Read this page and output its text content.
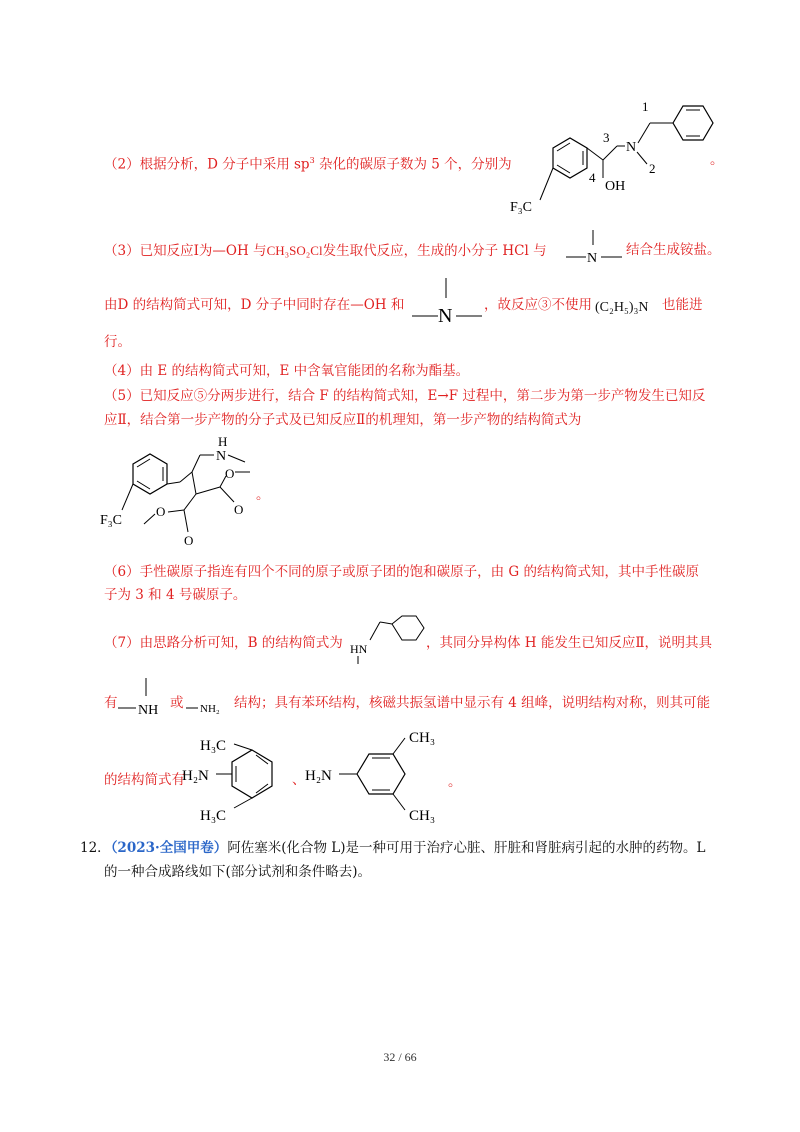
（2）根据分析，D 分子中采用 $sp^3$ 杂化的碳原子数为 5 个，分别为
F₃C
OH
4
3
N
1
2
。
（3）已知反应Ⅰ为—OH 与CH₃SO₂Cl发生取代反应，生成的小分子 HCl 与	N
结合生成铵盐。
由D 的结构简式可知，D 分子中同时存在—OH 和 N ，故反应③不使用 (C₂H₅)₃N 也能进
行。
（4）由 E 的结构简式可知，E 中含氧官能团的名称为酯基。
（5）已知反应⑤分两步进行，结合 F 的结构简式知，E→F 过程中，第二步为第一步产物发生已知反
应Ⅱ，结合第一步产物的分子式及已知反应Ⅱ的机理知，第一步产物的结构简式为
H
N
F₃C
O
O
O
O
。
（6）手性碳原子指连有四个不同的原子或原子团的饱和碳原子，由 G 的结构简式知，其中手性碳原
子为 3 和 4 号碳原子。
（7）由思路分析可知，B 的结构简式为 HN	，其同分异构体 H 能发生已知反应Ⅱ，说明其具
有 NH 或 NH₂ 结构；具有苯环结构，核磁共振氢谱中显示有 4 组峰，说明结构对称，则其可能
的结构简式有
H₃C
H₂N
H₃C
、 H₂N
CH₃
CH₃
。
12．（2023·全国甲卷）阿佐塞米(化合物 L)是一种可用于治疗心脏、肝脏和肾脏病引起的水肿的药物。L
的一种合成路线如下(部分试剂和条件略去)。
32 / 66
